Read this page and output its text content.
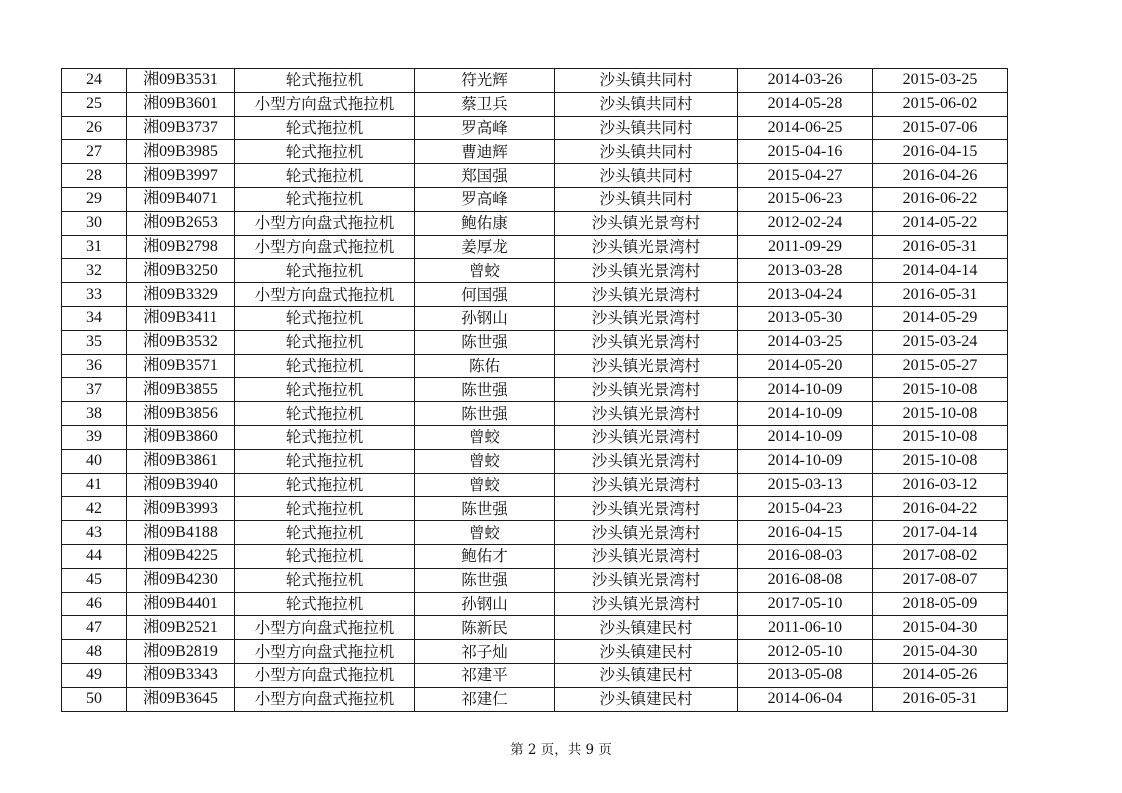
24	湘09B3531	轮式拖拉机	符光辉	沙头镇共同村	2014-03-26	2015-03-25
25	湘09B3601	小型方向盘式拖拉机	蔡卫兵	沙头镇共同村	2014-05-28	2015-06-02
26	湘09B3737	轮式拖拉机	罗高峰	沙头镇共同村	2014-06-25	2015-07-06
27	湘09B3985	轮式拖拉机	曹迪辉	沙头镇共同村	2015-04-16	2016-04-15
28	湘09B3997	轮式拖拉机	郑国强	沙头镇共同村	2015-04-27	2016-04-26
29	湘09B4071	轮式拖拉机	罗高峰	沙头镇共同村	2015-06-23	2016-06-22
30	湘09B2653	小型方向盘式拖拉机	鲍佑康	沙头镇光景弯村	2012-02-24	2014-05-22
31	湘09B2798	小型方向盘式拖拉机	姜厚龙	沙头镇光景湾村	2011-09-29	2016-05-31
32	湘09B3250	轮式拖拉机	曾蛟	沙头镇光景湾村	2013-03-28	2014-04-14
33	湘09B3329	小型方向盘式拖拉机	何国强	沙头镇光景湾村	2013-04-24	2016-05-31
34	湘09B3411	轮式拖拉机	孙钢山	沙头镇光景湾村	2013-05-30	2014-05-29
35	湘09B3532	轮式拖拉机	陈世强	沙头镇光景湾村	2014-03-25	2015-03-24
36	湘09B3571	轮式拖拉机	陈佑	沙头镇光景湾村	2014-05-20	2015-05-27
37	湘09B3855	轮式拖拉机	陈世强	沙头镇光景湾村	2014-10-09	2015-10-08
38	湘09B3856	轮式拖拉机	陈世强	沙头镇光景湾村	2014-10-09	2015-10-08
39	湘09B3860	轮式拖拉机	曾蛟	沙头镇光景湾村	2014-10-09	2015-10-08
40	湘09B3861	轮式拖拉机	曾蛟	沙头镇光景湾村	2014-10-09	2015-10-08
41	湘09B3940	轮式拖拉机	曾蛟	沙头镇光景湾村	2015-03-13	2016-03-12
42	湘09B3993	轮式拖拉机	陈世强	沙头镇光景湾村	2015-04-23	2016-04-22
43	湘09B4188	轮式拖拉机	曾蛟	沙头镇光景湾村	2016-04-15	2017-04-14
44	湘09B4225	轮式拖拉机	鲍佑才	沙头镇光景湾村	2016-08-03	2017-08-02
45	湘09B4230	轮式拖拉机	陈世强	沙头镇光景湾村	2016-08-08	2017-08-07
46	湘09B4401	轮式拖拉机	孙钢山	沙头镇光景湾村	2017-05-10	2018-05-09
47	湘09B2521	小型方向盘式拖拉机	陈新民	沙头镇建民村	2011-06-10	2015-04-30
48	湘09B2819	小型方向盘式拖拉机	祁子灿	沙头镇建民村	2012-05-10	2015-04-30
49	湘09B3343	小型方向盘式拖拉机	祁建平	沙头镇建民村	2013-05-08	2014-05-26
50	湘09B3645	小型方向盘式拖拉机	祁建仁	沙头镇建民村	2014-06-04	2016-05-31
第 2 页，共 9 页
